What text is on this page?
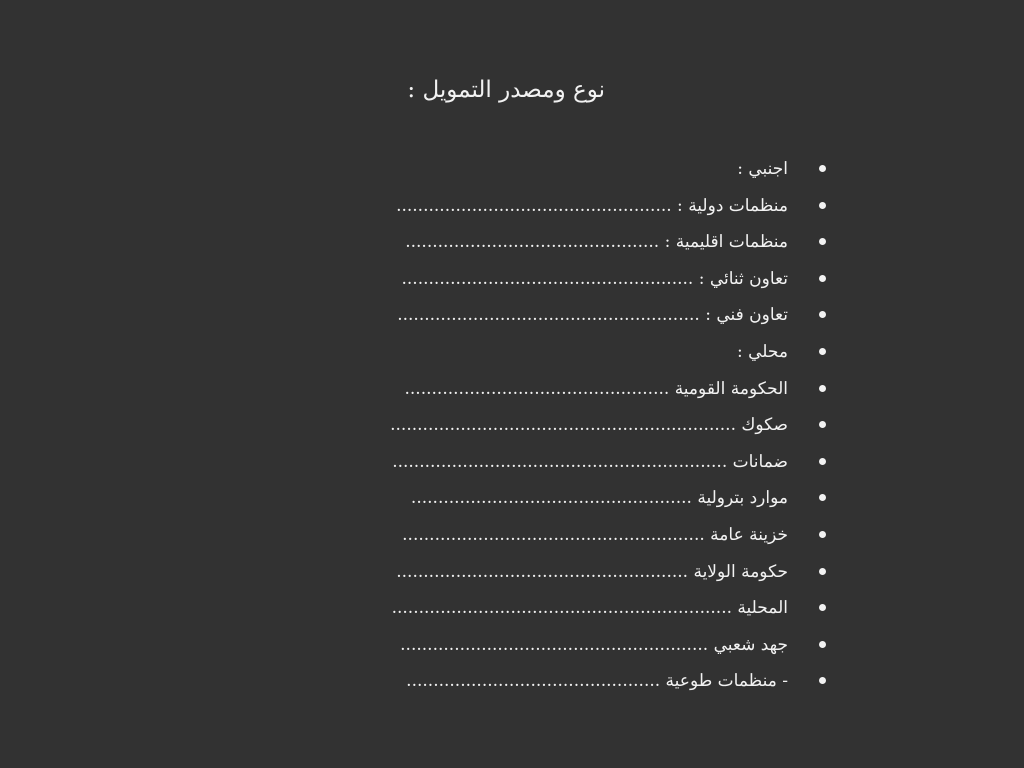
نوع ومصدر التمويل :
اجنبي :
منظمات دولية : ...................................................
منظمات اقليمية : ...............................................
تعاون ثنائي : ......................................................
تعاون فني : ........................................................
محلي :
الحكومة القومية .................................................
صكوك ................................................................
ضمانات ..............................................................
موارد بترولية ....................................................
خزينة عامة ........................................................
حكومة الولاية ......................................................
المحلية ...............................................................
جهد شعبي .........................................................
- منظمات طوعية ...............................................
